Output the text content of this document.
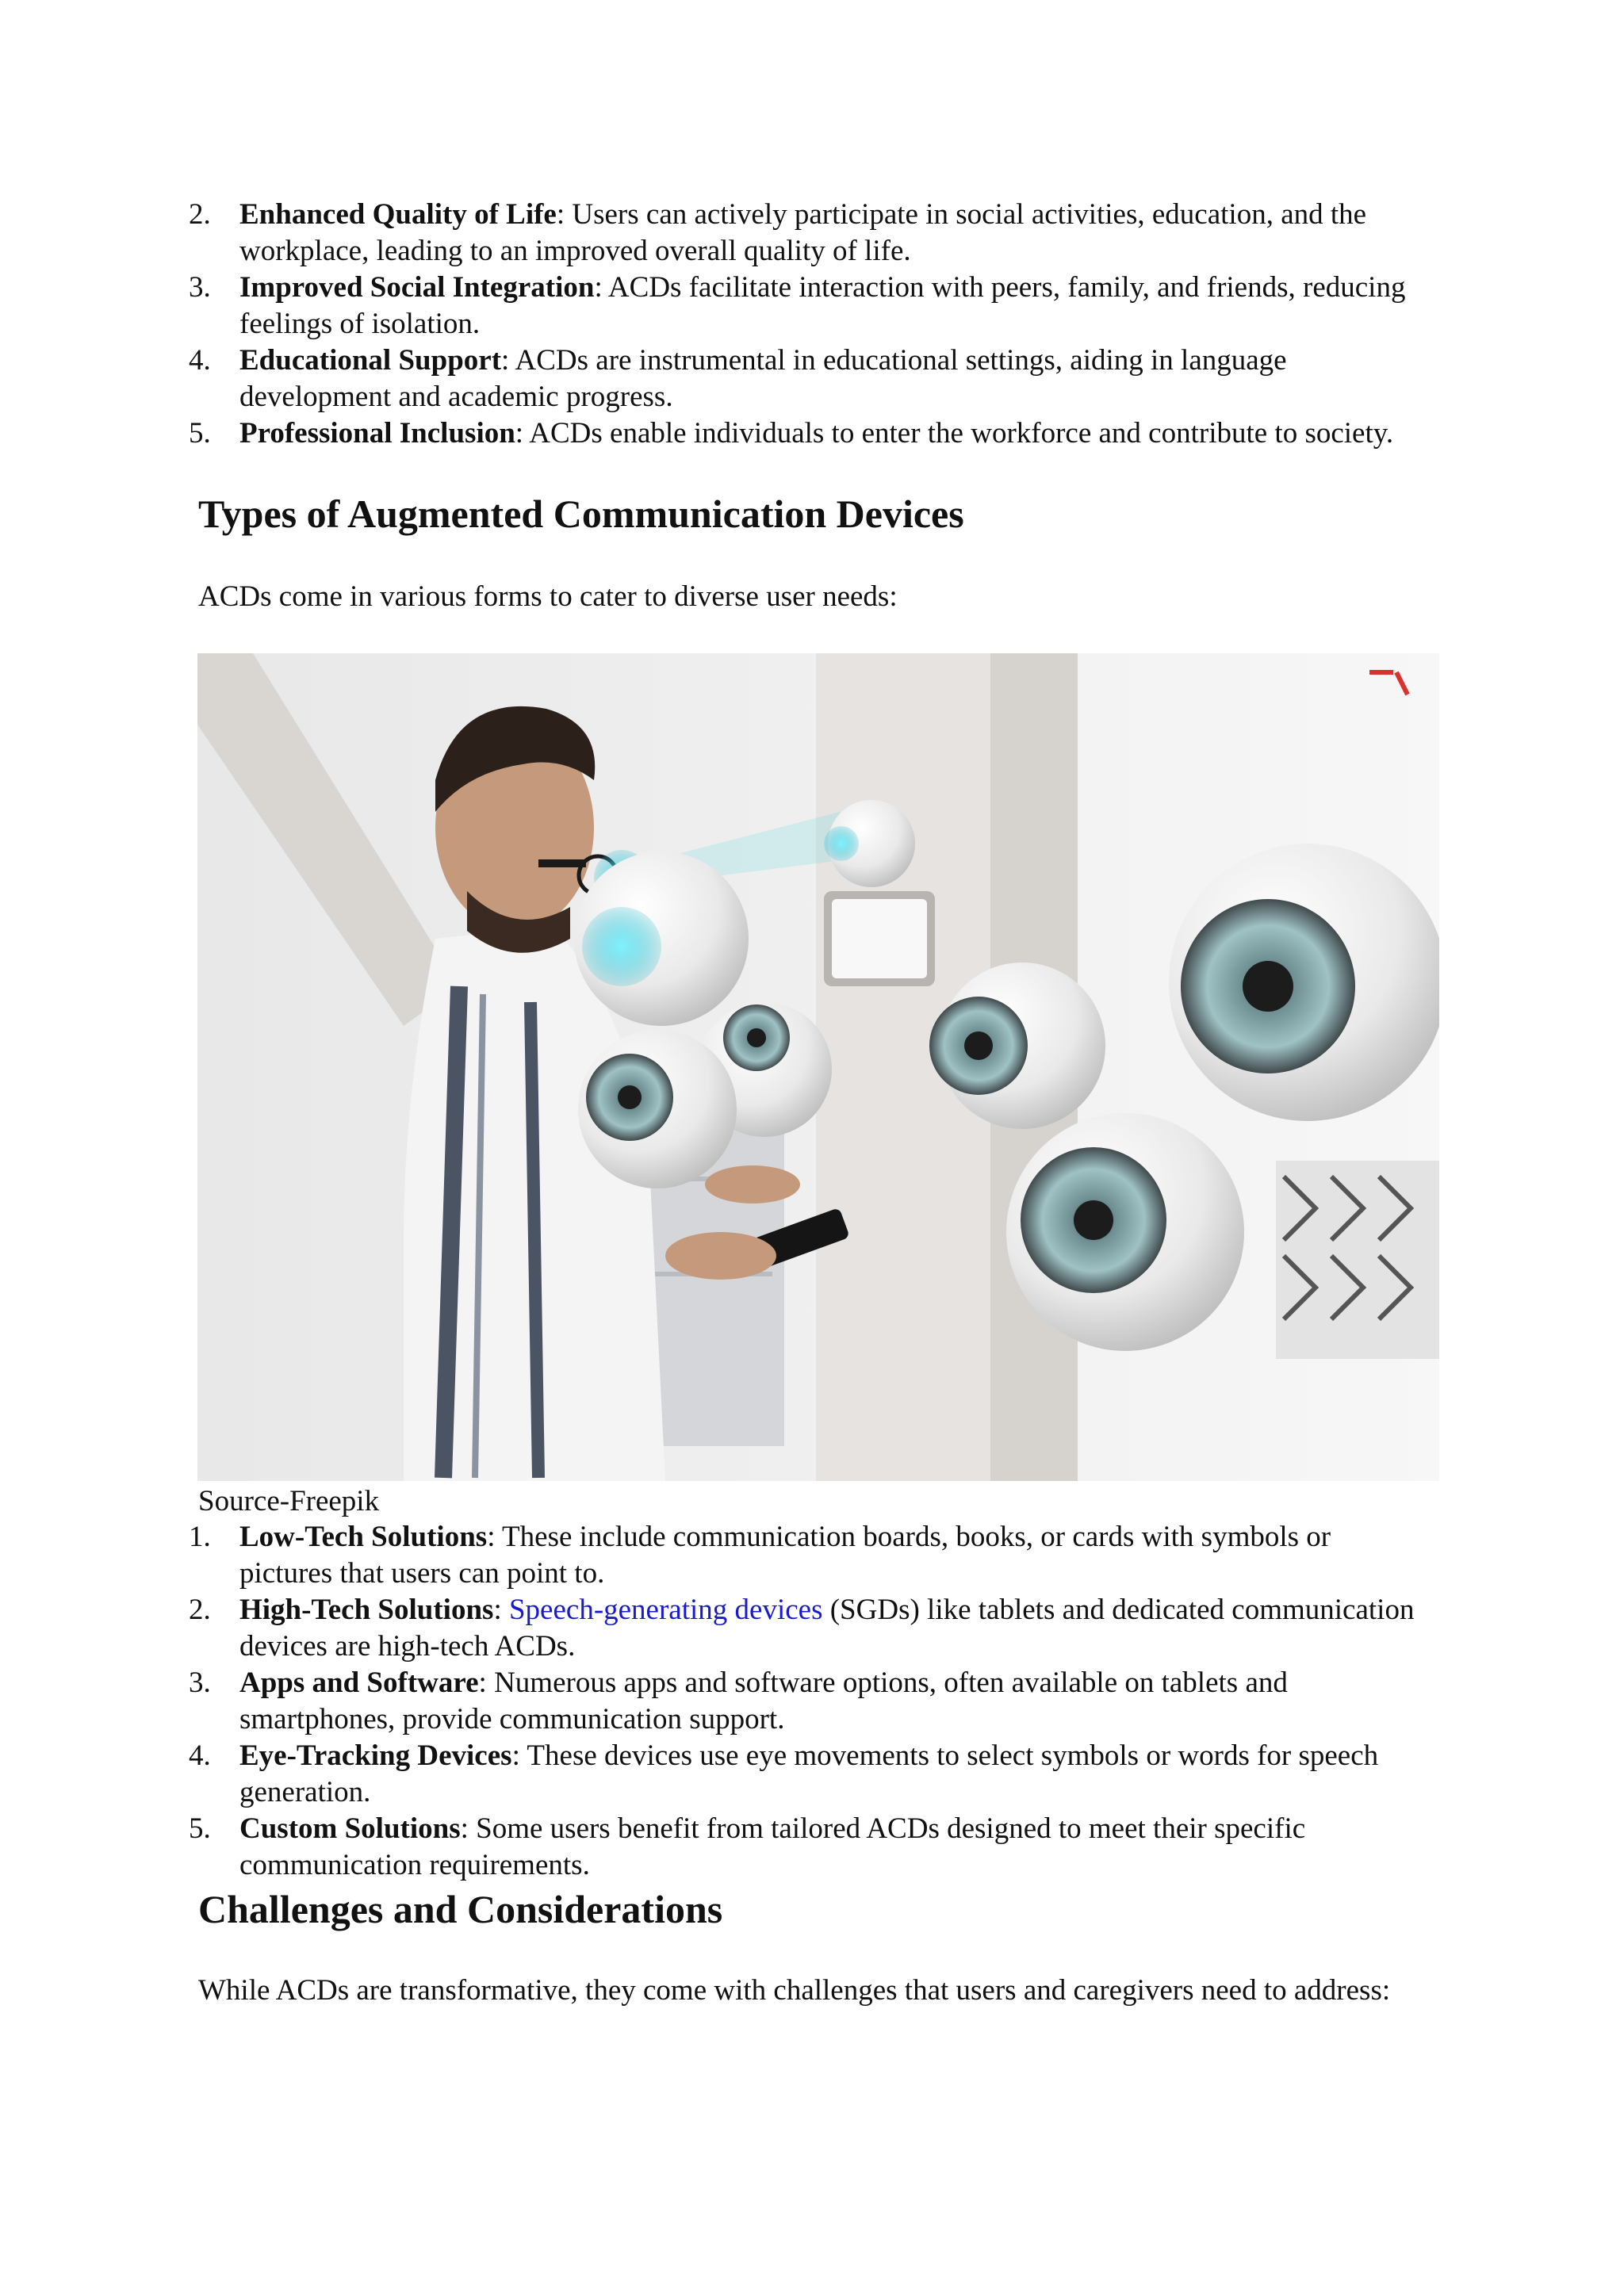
2. Enhanced Quality of Life: Users can actively participate in social activities, education, and the workplace, leading to an improved overall quality of life.
3. Improved Social Integration: ACDs facilitate interaction with peers, family, and friends, reducing feelings of isolation.
4. Educational Support: ACDs are instrumental in educational settings, aiding in language development and academic progress.
5. Professional Inclusion: ACDs enable individuals to enter the workforce and contribute to society.
Types of Augmented Communication Devices

ACDs come in various forms to cater to diverse user needs:

Source-Freepik

1. Low-Tech Solutions: These include communication boards, books, or cards with symbols or pictures that users can point to.
2. High-Tech Solutions: Speech-generating devices (SGDs) like tablets and dedicated communication devices are high-tech ACDs.
3. Apps and Software: Numerous apps and software options, often available on tablets and smartphones, provide communication support.
4. Eye-Tracking Devices: These devices use eye movements to select symbols or words for speech generation.
5. Custom Solutions: Some users benefit from tailored ACDs designed to meet their specific communication requirements.
Challenges and Considerations

While ACDs are transformative, they come with challenges that users and caregivers need to address:
